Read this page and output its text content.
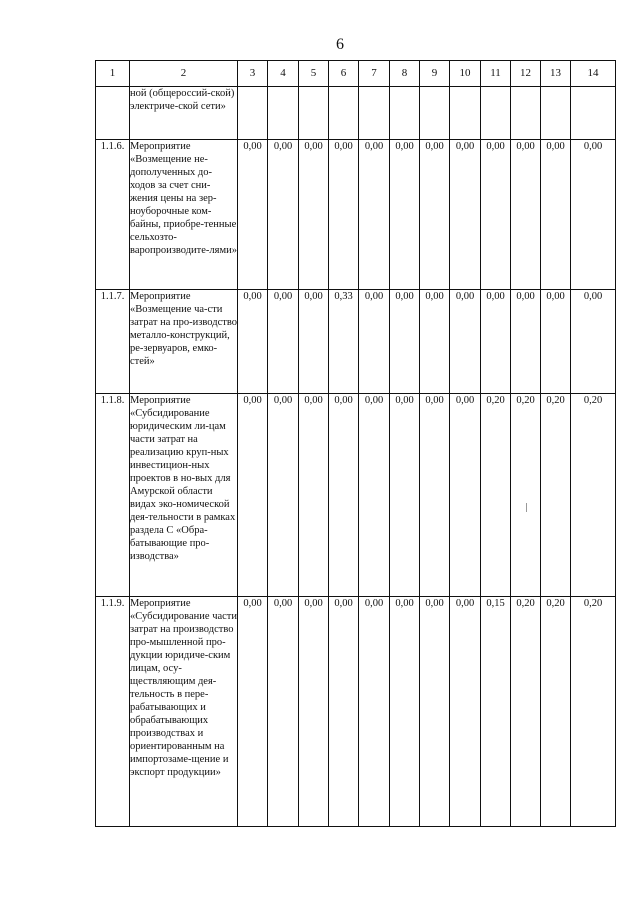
6
1	2	3	4	5	6	7	8	9	10	11	12	13	14
	ной (общероссий-ской) электриче-ской сети»												
1.1.6.	Мероприятие «Возмещение не-дополученных до-ходов за счет сни-жения цены на зер-ноуборочные ком-байны, приобре-тенные сельхозто-варопроизводите-лями»	0,00	0,00	0,00	0,00	0,00	0,00	0,00	0,00	0,00	0,00	0,00	0,00
1.1.7.	Мероприятие «Возмещение ча-сти затрат на про-изводство металло-конструкций, ре-зервуаров, емко-стей»	0,00	0,00	0,00	0,33	0,00	0,00	0,00	0,00	0,00	0,00	0,00	0,00
1.1.8.	Мероприятие «Субсидирование юридическим ли-цам части затрат на реализацию круп-ных инвестицион-ных проектов в но-вых для Амурской области видах эко-номической дея-тельности в рамках раздела С «Обра-батывающие про-изводства»	0,00	0,00	0,00	0,00	0,00	0,00	0,00	0,00	0,20	0,20	0,20	0,20
1.1.9.	Мероприятие «Субсидирование части затрат на производство про-мышленной про-дукции юридиче-ским лицам, осу-ществляющим дея-тельность в пере-рабатывающих и обрабатывающих производствах и ориентированным на импортозаме-щение и экспорт продукции»	0,00	0,00	0,00	0,00	0,00	0,00	0,00	0,00	0,15	0,20	0,20	0,20
